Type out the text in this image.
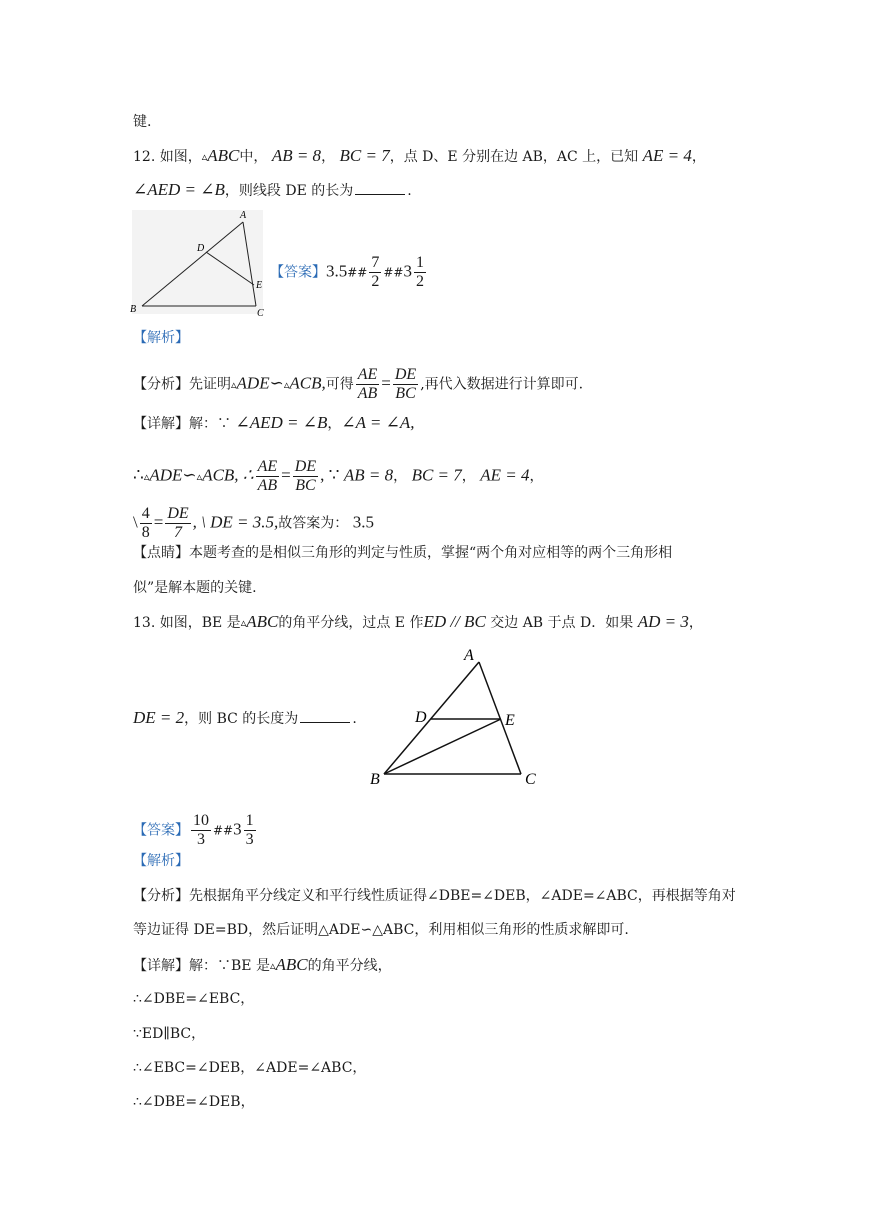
键.
12. 如图，▵ABC中， AB = 8， BC = 7，点 D、E 分别在边 AB，AC 上，已知 AE = 4，
∠AED = ∠B，则线段 DE 的长为	.
A
B	C
D
E
【答案】3.5## $\frac{7}{2}$ ##3 $\frac{1}{2}$
【解析】
【分析】先证明▵ADE∽▵ACB,可得 $\frac{AE}{AB} = \frac{DE}{BC}$ ,再代入数据进行计算即可.
【详解】解：∵ ∠AED = ∠B，∠A = ∠A,
∴▵ADE∽▵ACB, ∴ $\frac{AE}{AB} = \frac{DE}{BC}$ , ∵ AB = 8， BC = 7， AE = 4，
\ $\frac{4}{8} = \frac{DE}{7}$ , \ DE = 3.5,故答案为： 3.5
【点睛】本题考查的是相似三角形的判定与性质，掌握“两个角对应相等的两个三角形相
似”是解本题的关键.
13. 如图，BE 是▵ABC的角平分线，过点 E 作ED // BC 交边 AB 于点 D．如果 AD = 3，
DE = 2，则 BC 的长度为	.
A
B	C
D	E
【答案】 $\frac{10}{3}$ ##3 $\frac{1}{3}$
【解析】
【分析】先根据角平分线定义和平行线性质证得∠DBE=∠DEB，∠ADE=∠ABC，再根据等角对
等边证得 DE=BD，然后证明△ADE∽△ABC，利用相似三角形的性质求解即可.
【详解】解：∵BE 是▵ABC的角平分线，
∴∠DBE=∠EBC，
∵ED∥BC，
∴∠EBC=∠DEB，∠ADE=∠ABC，
∴∠DBE=∠DEB，
